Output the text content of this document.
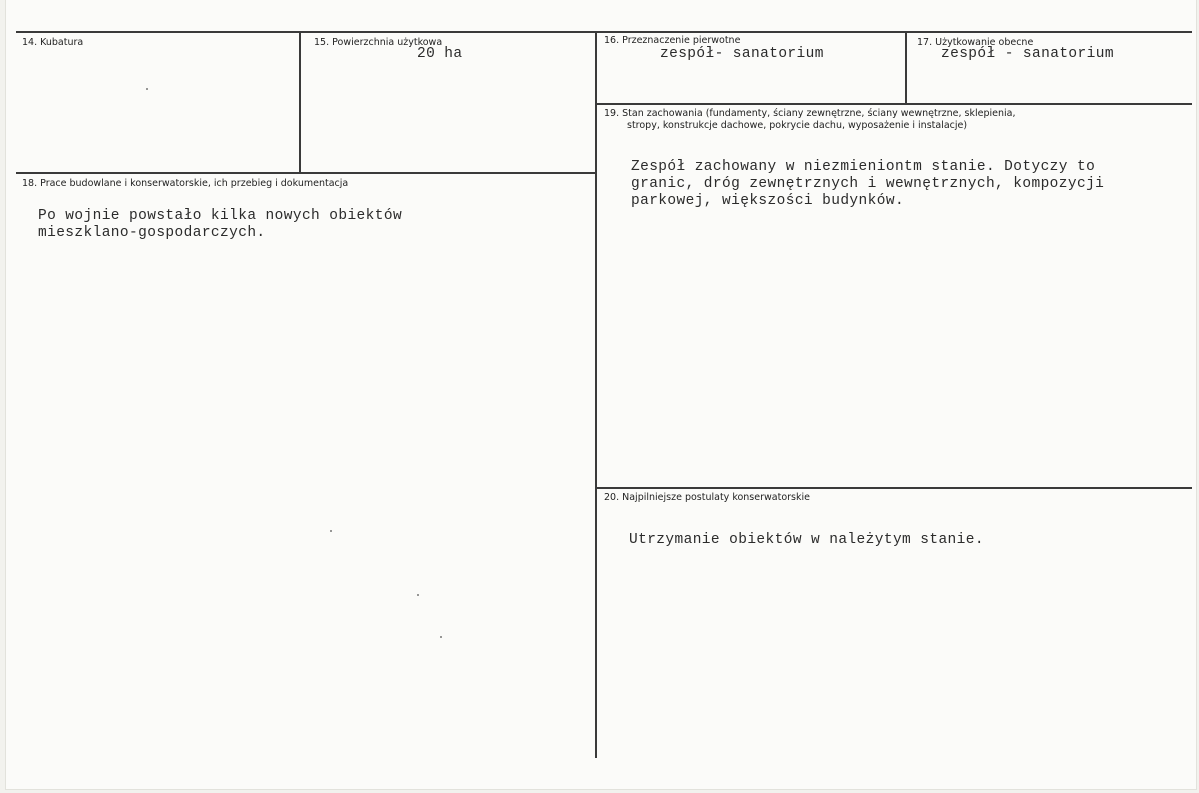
14. Kubatura	15. Powierzchnia użytkowa
20 ha
16. Przeznaczenie pierwotne
zespół- sanatorium
17. Użytkowanie obecne
zespół - sanatorium
18. Prace budowlane i konserwatorskie, ich przebieg i dokumentacja
Po wojnie powstało kilka nowych obiektów
mieszklano-gospodarczych.
19. Stan zachowania (fundamenty, ściany zewnętrzne, ściany wewnętrzne, sklepienia,
stropy, konstrukcje dachowe, pokrycie dachu, wyposażenie i instalacje)
Zespół zachowany w niezmieniontm stanie. Dotyczy to
granic, dróg zewnętrznych i wewnętrznych, kompozycji
parkowej, większości budynków.
20. Najpilniejsze postulaty konserwatorskie
Utrzymanie obiektów w należytym stanie.
